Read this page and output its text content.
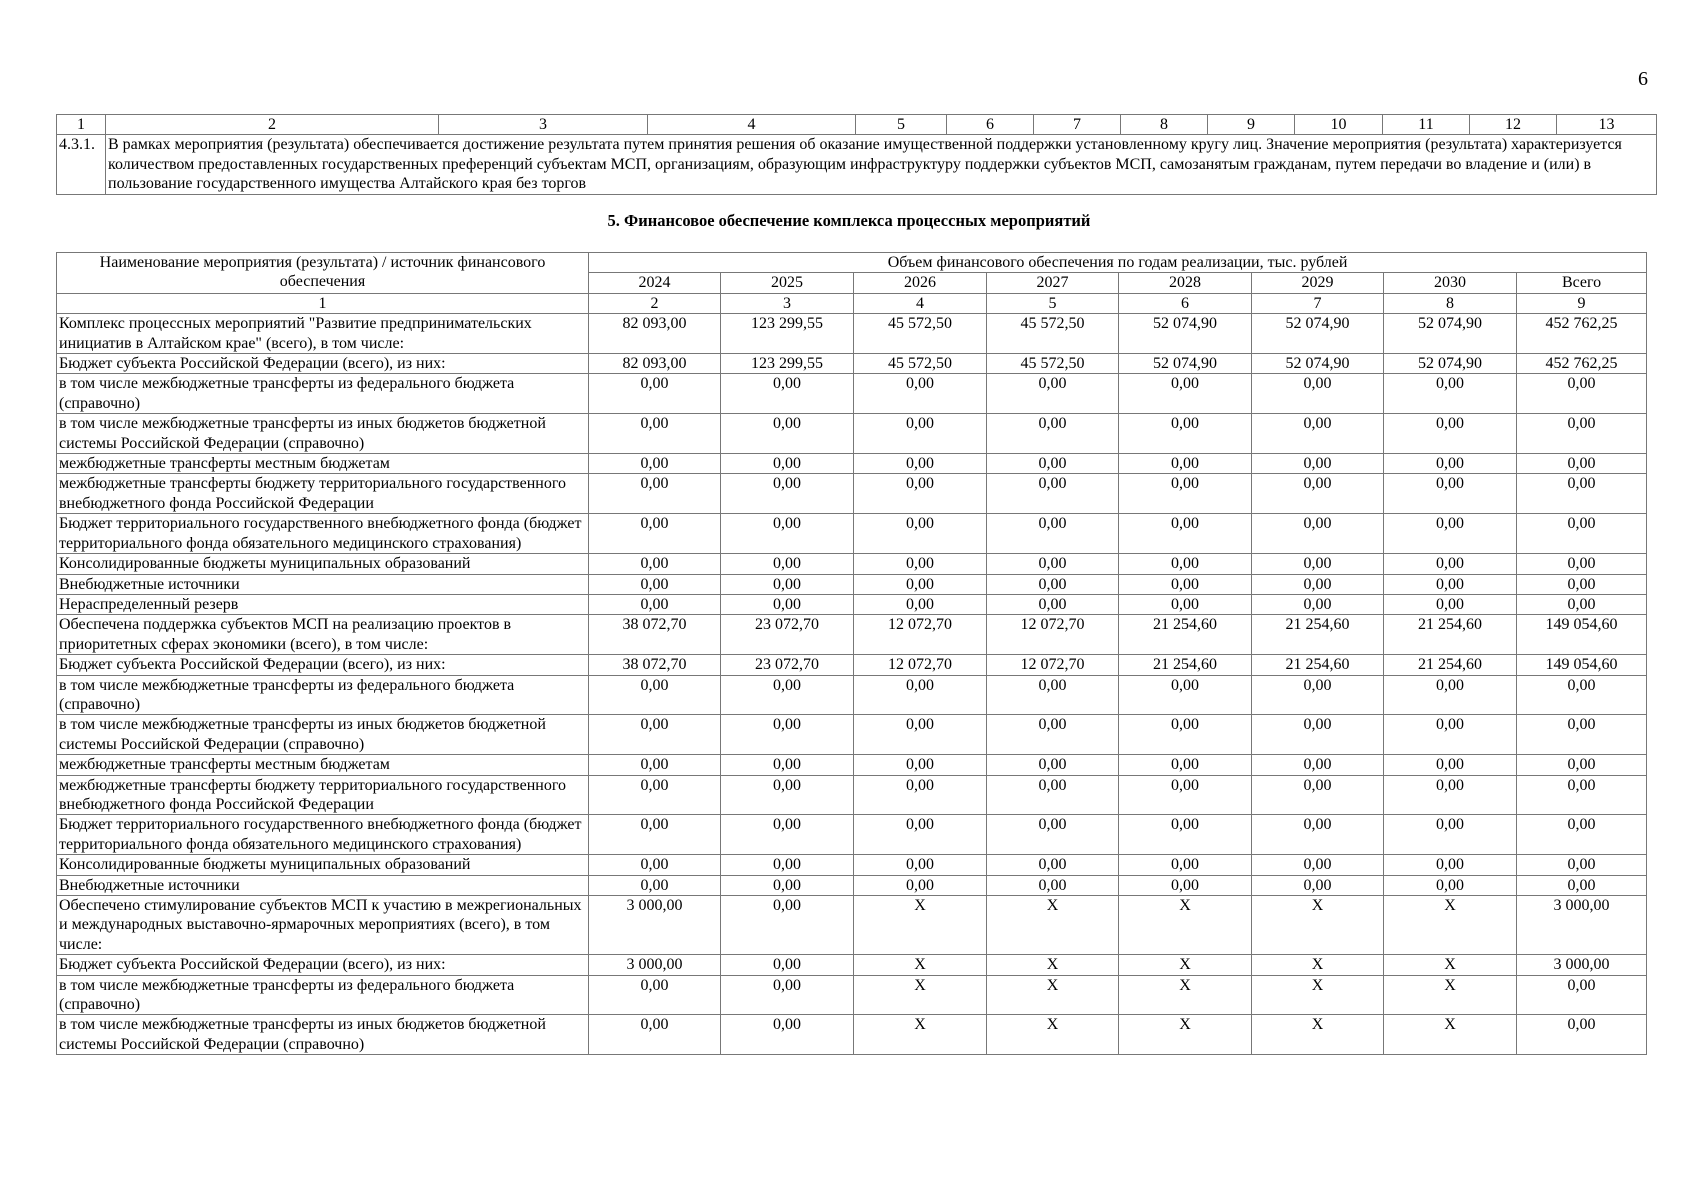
6
1	2	3	4	5	6	7	8	9	10	11	12	13
4.3.1.	В рамках мероприятия (результата) обеспечивается достижение результата путем принятия решения об оказание имущественной поддержки установленному кругу лиц. Значение мероприятия (результата) характеризуется количеством предоставленных государственных преференций субъектам МСП, организациям, образующим инфраструктуру поддержки субъектов МСП, самозанятым гражданам, путем передачи во владение и (или) в пользование государственного имущества Алтайского края без торгов											
5. Финансовое обеспечение комплекса процессных мероприятий
Наименование мероприятия (результата) / источник финансового обеспечения	Объем финансового обеспечения по годам реализации, тыс. рублей							
	2024	2025	2026	2027	2028	2029	2030	Всего
1	2	3	4	5	6	7	8	9
Комплекс процессных мероприятий "Развитие предпринимательских инициатив в Алтайском крае" (всего), в том числе:	82 093,00	123 299,55	45 572,50	45 572,50	52 074,90	52 074,90	52 074,90	452 762,25
Бюджет субъекта Российской Федерации (всего), из них:	82 093,00	123 299,55	45 572,50	45 572,50	52 074,90	52 074,90	52 074,90	452 762,25
в том числе межбюджетные трансферты из федерального бюджета (справочно)	0,00	0,00	0,00	0,00	0,00	0,00	0,00	0,00
в том числе межбюджетные трансферты из иных бюджетов бюджетной системы Российской Федерации (справочно)	0,00	0,00	0,00	0,00	0,00	0,00	0,00	0,00
межбюджетные трансферты местным бюджетам	0,00	0,00	0,00	0,00	0,00	0,00	0,00	0,00
межбюджетные трансферты бюджету территориального государственного внебюджетного фонда Российской Федерации	0,00	0,00	0,00	0,00	0,00	0,00	0,00	0,00
Бюджет территориального государственного внебюджетного фонда (бюджет территориального фонда обязательного медицинского страхования)	0,00	0,00	0,00	0,00	0,00	0,00	0,00	0,00
Консолидированные бюджеты муниципальных образований	0,00	0,00	0,00	0,00	0,00	0,00	0,00	0,00
Внебюджетные источники	0,00	0,00	0,00	0,00	0,00	0,00	0,00	0,00
Нераспределенный резерв	0,00	0,00	0,00	0,00	0,00	0,00	0,00	0,00
Обеспечена поддержка субъектов МСП на реализацию проектов в приоритетных сферах экономики (всего), в том числе:	38 072,70	23 072,70	12 072,70	12 072,70	21 254,60	21 254,60	21 254,60	149 054,60
Бюджет субъекта Российской Федерации (всего), из них:	38 072,70	23 072,70	12 072,70	12 072,70	21 254,60	21 254,60	21 254,60	149 054,60
в том числе межбюджетные трансферты из федерального бюджета (справочно)	0,00	0,00	0,00	0,00	0,00	0,00	0,00	0,00
в том числе межбюджетные трансферты из иных бюджетов бюджетной системы Российской Федерации (справочно)	0,00	0,00	0,00	0,00	0,00	0,00	0,00	0,00
межбюджетные трансферты местным бюджетам	0,00	0,00	0,00	0,00	0,00	0,00	0,00	0,00
межбюджетные трансферты бюджету территориального государственного внебюджетного фонда Российской Федерации	0,00	0,00	0,00	0,00	0,00	0,00	0,00	0,00
Бюджет территориального государственного внебюджетного фонда (бюджет территориального фонда обязательного медицинского страхования)	0,00	0,00	0,00	0,00	0,00	0,00	0,00	0,00
Консолидированные бюджеты муниципальных образований	0,00	0,00	0,00	0,00	0,00	0,00	0,00	0,00
Внебюджетные источники	0,00	0,00	0,00	0,00	0,00	0,00	0,00	0,00
Обеспечено стимулирование субъектов МСП к участию в межрегиональных и международных выставочно-ярмарочных мероприятиях (всего), в том числе:	3 000,00	0,00	X	X	X	X	X	3 000,00
Бюджет субъекта Российской Федерации (всего), из них:	3 000,00	0,00	X	X	X	X	X	3 000,00
в том числе межбюджетные трансферты из федерального бюджета (справочно)	0,00	0,00	X	X	X	X	X	0,00
в том числе межбюджетные трансферты из иных бюджетов бюджетной системы Российской Федерации (справочно)	0,00	0,00	X	X	X	X	X	0,00
